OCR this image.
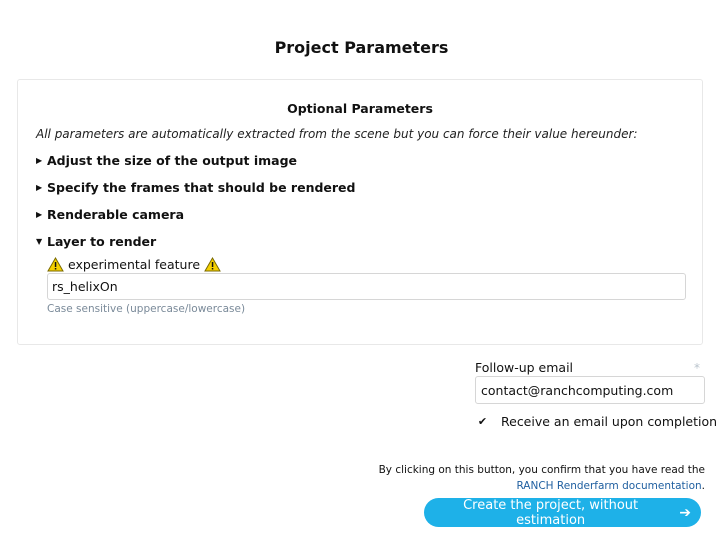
Project Parameters
Optional Parameters
All parameters are automatically extracted from the scene but you can force their value hereunder:
▶ Adjust the size of the output image
▶ Specify the frames that should be rendered
▶ Renderable camera
▼ Layer to render
experimental feature
rs_helixOn
Case sensitive (uppercase/lowercase)
Follow-up email	*
contact@ranchcomputing.com
✔ Receive an email upon completion
By clicking on this button, you confirm that you have read the
RANCH Renderfarm documentation.
Create the project, without estimation	➔
